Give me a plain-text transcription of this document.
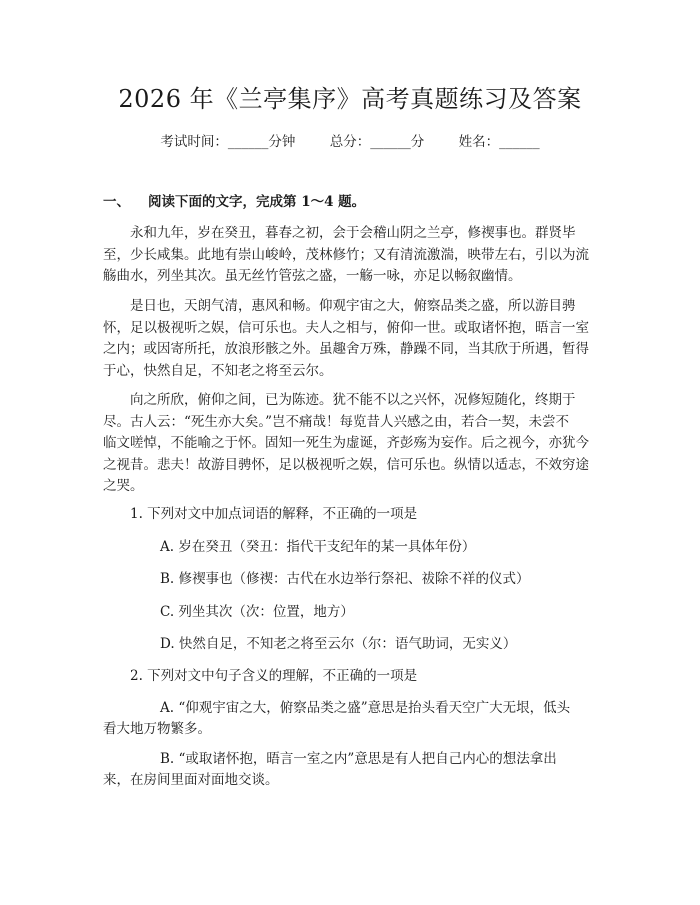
2026 年《兰亭集序》高考真题练习及答案
考试时间：______分钟	总分：______分	姓名：______
一、 阅读下面的文字，完成第 1～4 题。
　　永和九年，岁在癸丑，暮春之初，会于会稽山阴之兰亭，修禊事也。群贤毕
至，少长咸集。此地有崇山峻岭，茂林修竹；又有清流激湍，映带左右，引以为流
觞曲水，列坐其次。虽无丝竹管弦之盛，一觞一咏，亦足以畅叙幽情。
　　是日也，天朗气清，惠风和畅。仰观宇宙之大，俯察品类之盛，所以游目骋
怀，足以极视听之娱，信可乐也。夫人之相与，俯仰一世。或取诸怀抱，晤言一室
之内；或因寄所托，放浪形骸之外。虽趣舍万殊，静躁不同，当其欣于所遇，暂得
于心，快然自足，不知老之将至云尔。
　　向之所欣，俯仰之间，已为陈迹。犹不能不以之兴怀，况修短随化，终期于
尽。古人云：“死生亦大矣。”岂不痛哉！每览昔人兴感之由，若合一契，未尝不
临文嗟悼，不能喻之于怀。固知一死生为虚诞，齐彭殇为妄作。后之视今，亦犹今
之视昔。悲夫！故游目骋怀，足以极视听之娱，信可乐也。纵情以适志，不效穷途
之哭。
1. 下列对文中加点词语的解释，不正确的一项是
A. 岁在癸丑（癸丑：指代干支纪年的某一具体年份）
B. 修禊事也（修禊：古代在水边举行祭祀、祓除不祥的仪式）
C. 列坐其次（次：位置，地方）
D. 快然自足，不知老之将至云尔（尔：语气助词，无实义）
2. 下列对文中句子含义的理解，不正确的一项是
A. “仰观宇宙之大，俯察品类之盛”意思是抬头看天空广大无垠，低头
看大地万物繁多。
B. “或取诸怀抱，晤言一室之内”意思是有人把自己内心的想法拿出
来，在房间里面对面地交谈。
